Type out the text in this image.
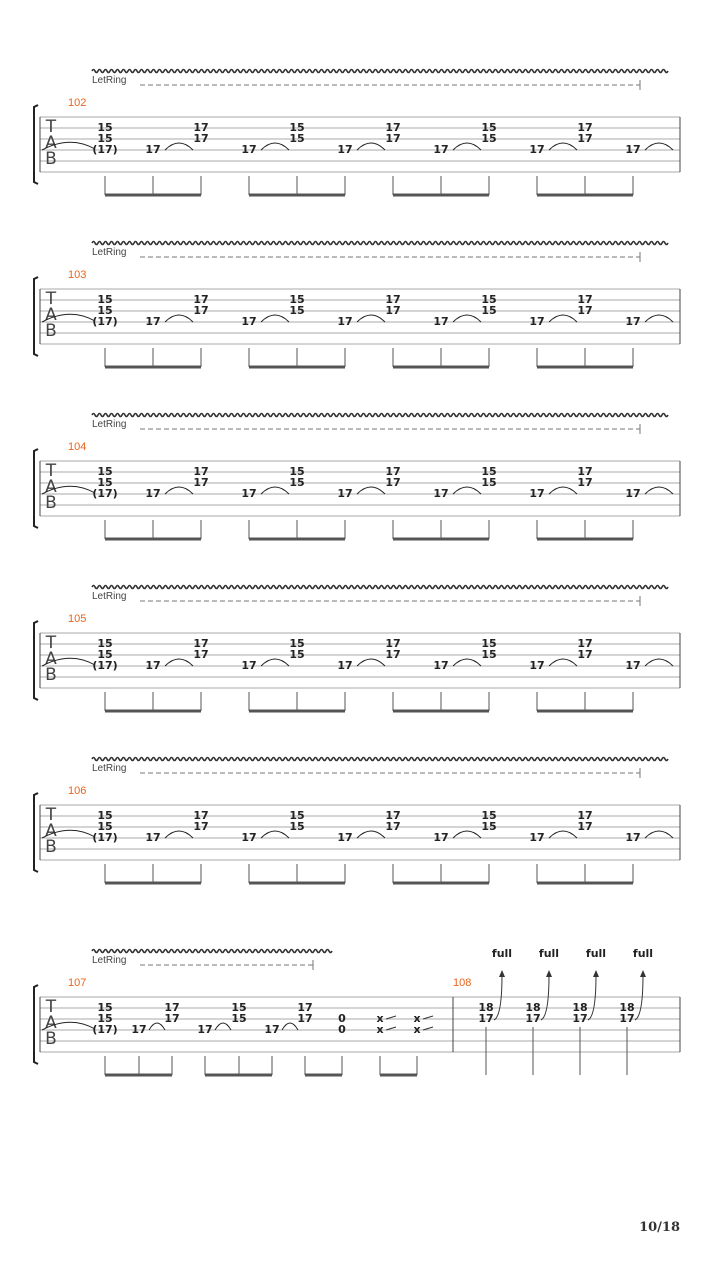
T
A
B
102
LetRing
15
15
(17)	17
17
17
17
15
15
17
17
17
17
15
15
17
17
17
17
T
A
B
103
LetRing
15
15
(17)	17
17
17
17
15
15
17
17
17
17
15
15
17
17
17
17
T
A
B
104
LetRing
15
15
(17)	17
17
17
17
15
15
17
17
17
17
15
15
17
17
17
17
T
A
B
105
LetRing
15
15
(17)	17
17
17
17
15
15
17
17
17
17
15
15
17
17
17
17
T
A
B
106
LetRing
15
15
(17)	17
17
17
17
15
15
17
17
17
17
15
15
17
17
17
17
T
A
B
107
LetRing
15
15
(17) 17
17
17
17
15
15
17
17
17 0
0
x
x
x
x
108
18
17
full
18
17
full
18
17
full
18
17
full
10/18
